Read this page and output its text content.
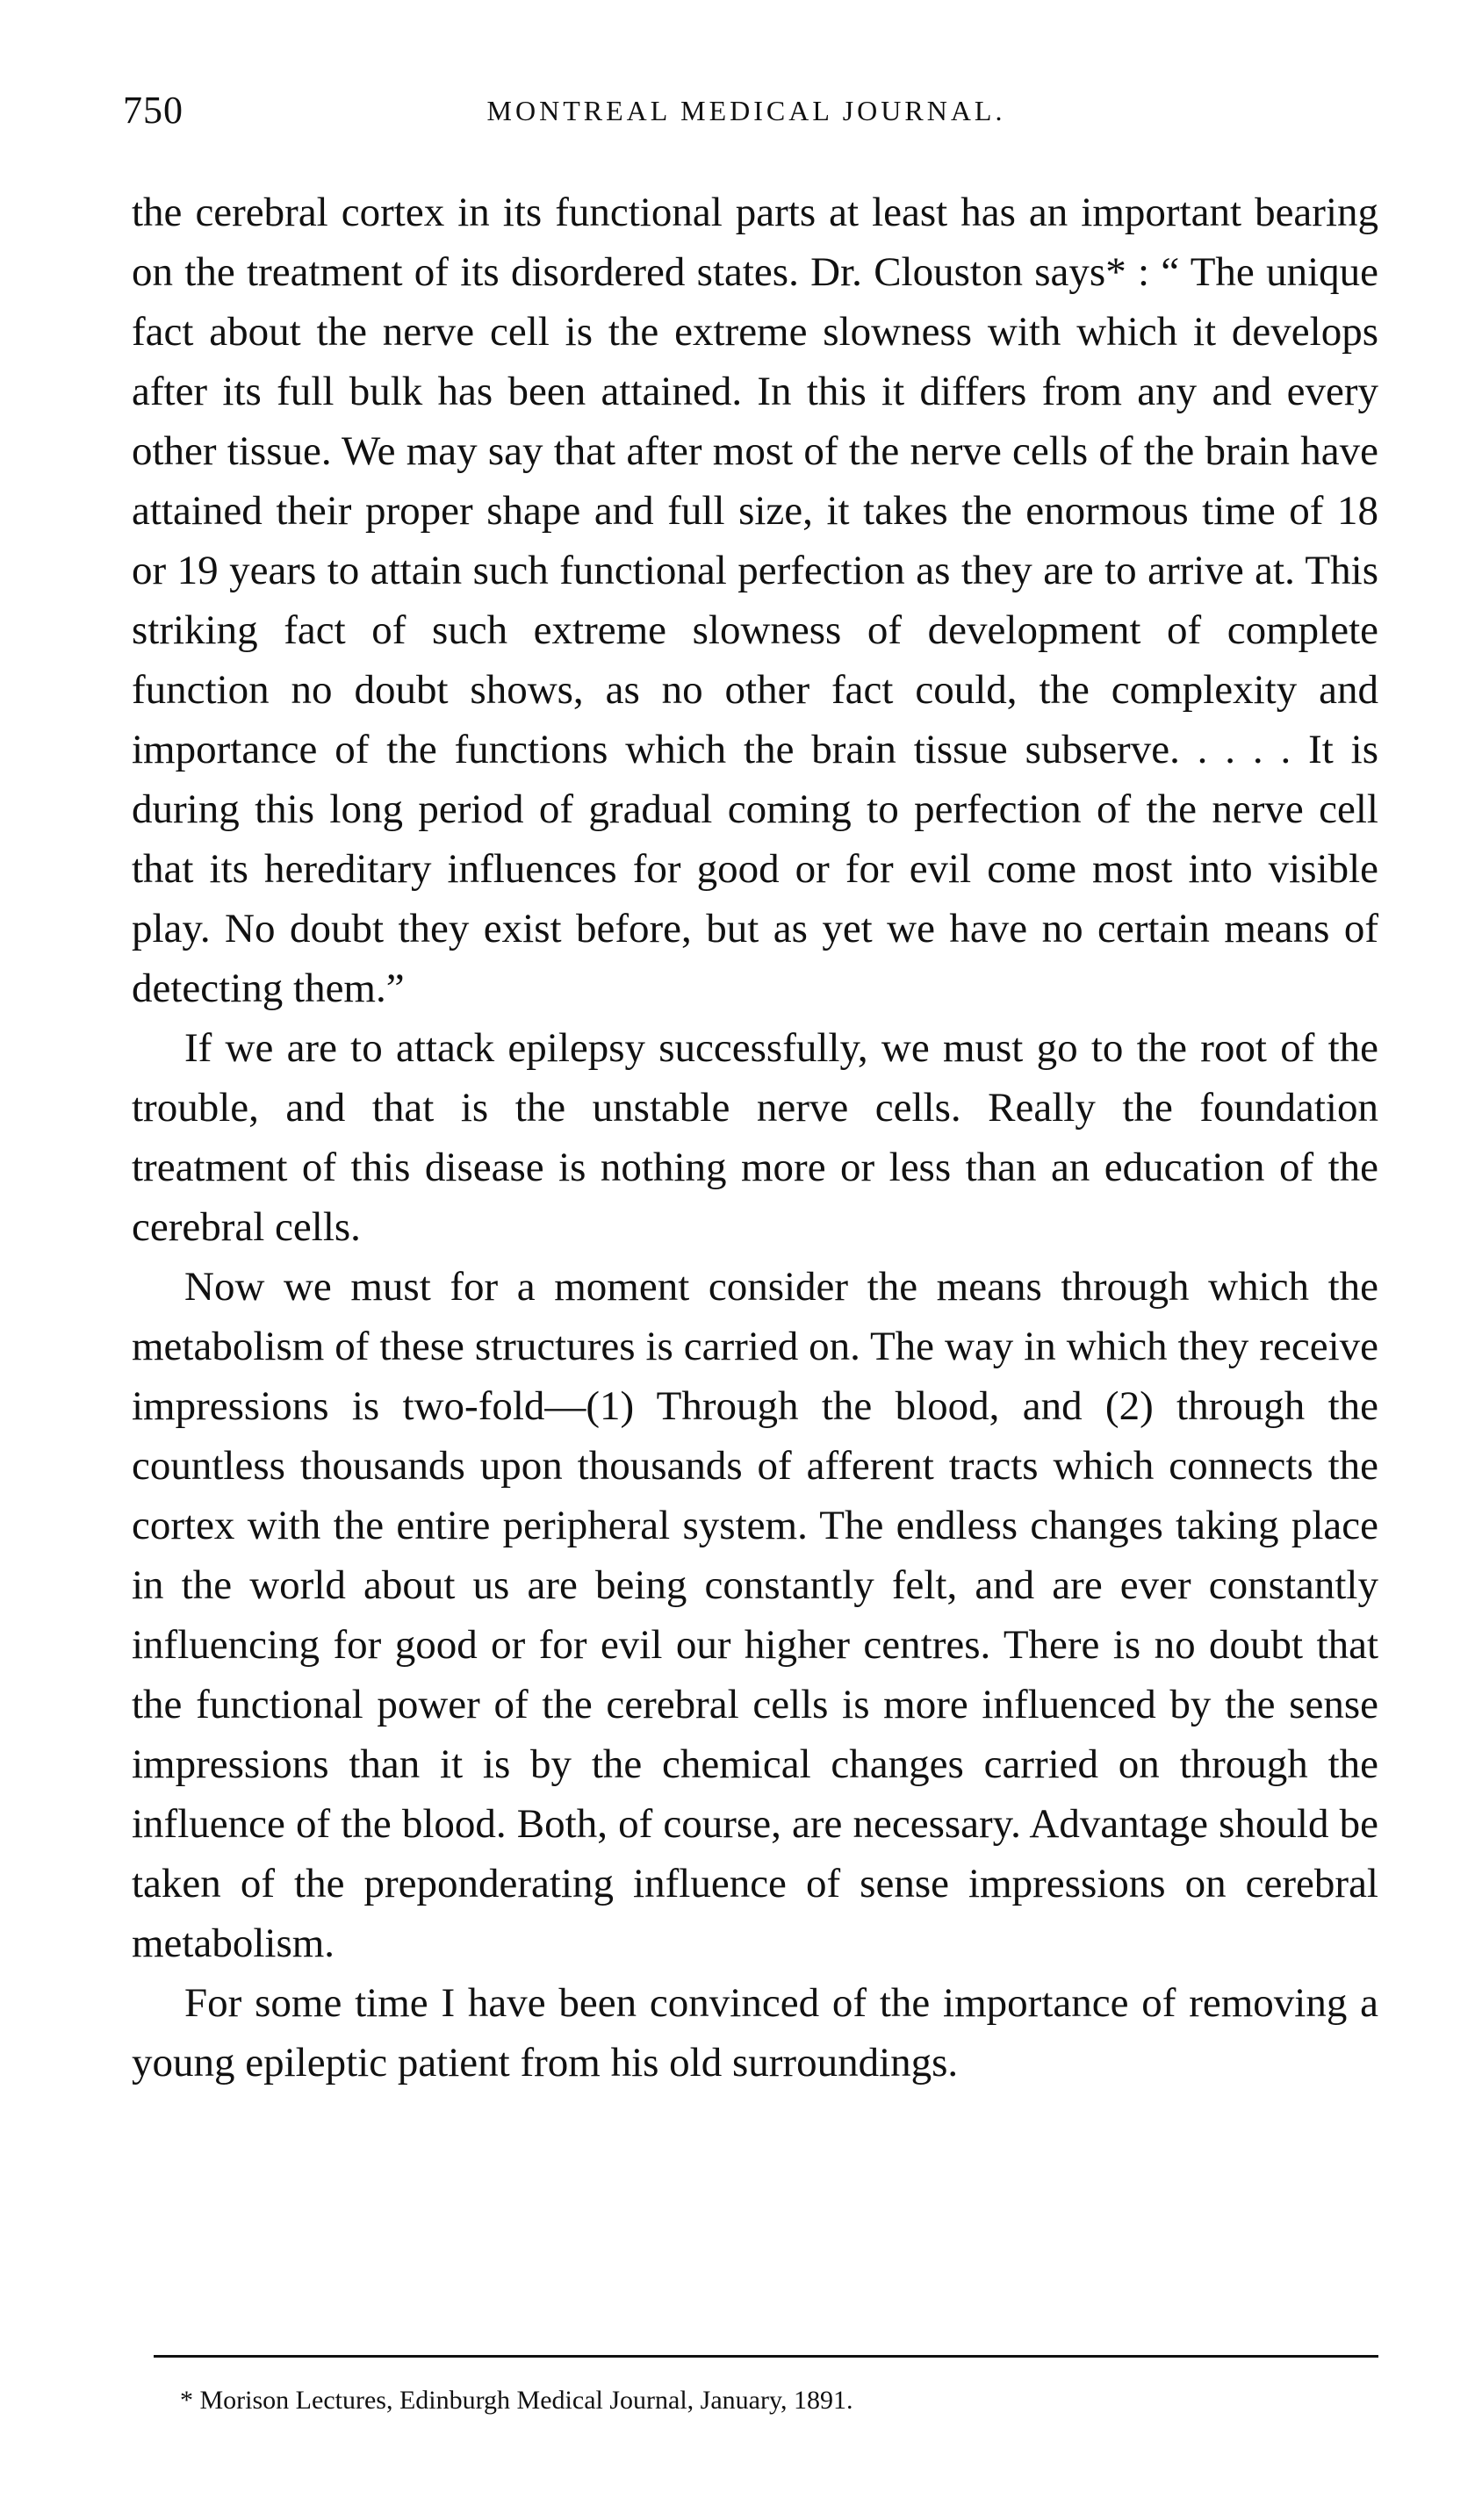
750	MONTREAL MEDICAL JOURNAL.

the cerebral cortex in its functional parts at least has an important bearing on the treatment of its disordered states. Dr. Clouston says* : “ The unique fact about the nerve cell is the extreme slowness with which it develops after its full bulk has been attained. In this it differs from any and every other tissue. We may say that after most of the nerve cells of the brain have attained their proper shape and full size, it takes the enormous time of 18 or 19 years to attain such functional perfection as they are to arrive at. This striking fact of such extreme slowness of development of complete function no doubt shows, as no other fact could, the complexity and importance of the functions which the brain tissue subserve. . . . . It is during this long period of gradual coming to perfection of the nerve cell that its hereditary influences for good or for evil come most into visible play. No doubt they exist before, but as yet we have no certain means of detecting them.”

If we are to attack epilepsy successfully, we must go to the root of the trouble, and that is the unstable nerve cells. Really the foundation treatment of this disease is nothing more or less than an education of the cerebral cells.

Now we must for a moment consider the means through which the metabolism of these structures is carried on. The way in which they receive impressions is two-fold—(1) Through the blood, and (2) through the countless thousands upon thousands of afferent tracts which connects the cortex with the entire peripheral system. The endless changes taking place in the world about us are being constantly felt, and are ever constantly influencing for good or for evil our higher centres. There is no doubt that the functional power of the cerebral cells is more influenced by the sense impressions than it is by the chemical changes carried on through the influence of the blood. Both, of course, are necessary. Advantage should be taken of the preponderating influence of sense impressions on cerebral metabolism.

For some time I have been convinced of the importance of removing a young epileptic patient from his old surroundings.

* Morison Lectures, Edinburgh Medical Journal, January, 1891.
